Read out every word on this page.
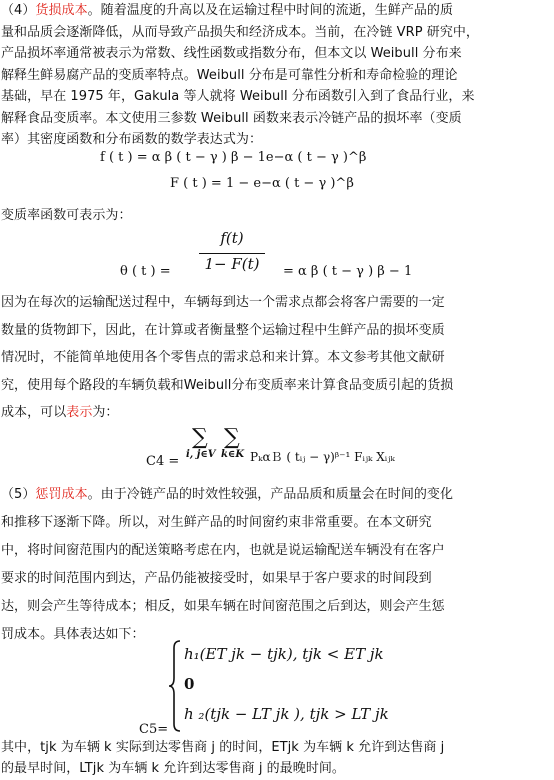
（4）货损成本。随着温度的升高以及在运输过程中时间的流逝，生鲜产品的质
量和品质会逐渐降低，从而导致产品损失和经济成本。当前，在冷链 VRP 研究中，
产品损坏率通常被表示为常数、线性函数或指数分布，但本文以 Weibull 分布来
解释生鲜易腐产品的变质率特点。Weibull 分布是可靠性分析和寿命检验的理论
基础，早在 1975 年，Gakula 等人就将 Weibull 分布函数引入到了食品行业，来
解释食品变质率。本文使用三参数 Weibull 函数来表示冷链产品的损坏率（变质
率）其密度函数和分布函数的数学表达式为：
f ( t ) = α β ( t − γ ) β − 1e−α ( t − γ )^β
F ( t ) = 1 − e−α ( t − γ )^β
变质率函数可表示为：
θ ( t ) =
f(t)
1− F(t)	= α β ( t − γ ) β − 1
因为在每次的运输配送过程中，车辆每到达一个需求点都会将客户需要的一定
数量的货物卸下，因此，在计算或者衡量整个运输过程中生鲜产品的损坏变质
情况时，不能简单地使用各个零售点的需求总和来计算。本文参考其他文献研
究，使用每个路段的车辆负载和Weibull分布变质率来计算食品变质引起的货损
成本，可以表示为：
∑ ∑
i, j∈V k∈K
C4 =	PₖαＢ ( tᵢⱼ − γ)ᵝ⁻¹ Fᵢⱼₖ Xᵢⱼₖ
（5）惩罚成本。由于冷链产品的时效性较强，产品品质和质量会在时间的变化
和推移下逐渐下降。所以，对生鲜产品的时间窗约束非常重要。在本文研究
中，将时间窗范围内的配送策略考虑在内，也就是说运输配送车辆没有在客户
要求的时间范围内到达，产品仍能被接受时，如果早于客户要求的时间段到
达，则会产生等待成本；相反，如果车辆在时间窗范围之后到达，则会产生惩
罚成本。具体表达如下：
h₁(ET jk − tjk), tjk < ET jk
0
h ₂(tjk − LT jk ), tjk > LT jk
C5=
其中，tjk 为车辆 k 实际到达零售商 j 的时间，ETjk 为车辆 k 允许到达售商 j
的最早时间，LTjk 为车辆 k 允许到达零售商 j 的最晚时间。
